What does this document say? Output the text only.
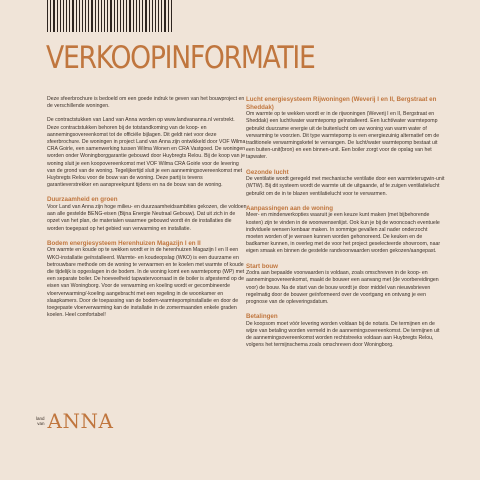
VERKOOPINFORMATIE

Deze sfeerbrochure is bedoeld om een goede indruk te geven van het bouwproject en de verschillende woningen.

De contractstukken van Land van Anna worden op www.landvananna.nl verstrekt. Deze contractstukken behoren bij de totstandkoming van de koop- en aannemingsovereenkomst tot de officiële bijlagen. Dit geldt niet voor deze sfeerbrochure. De woningen in project Land van Anna zijn ontwikkeld door VOF Wilma CRA Goirle, een samenwerking tussen Wilma Wonen en CRA Vastgoed. De woningen worden onder Woningborggarantie gebouwd door Huybregts Relou. Bij de koop van je woning sluit je een koopovereenkomst met VOF Wilma CRA Goirle voor de levering van de grond van de woning. Tegelijkertijd sluit je een aannemingsovereenkomst met Huybregts Relou voor de bouw van de woning. Deze partij is tevens garantieverstrekker en aanspreekpunt tijdens en na de bouw van de woning.

Duurzaamheid en groen

Voor Land van Anna zijn hoge milieu- en duurzaamheidsambities gekozen, die voldoen aan alle gestelde BENG-eisen (Bijna Energie Neutraal Gebouw). Dat uit zich in de opzet van het plan, de materialen waarmee gebouwd wordt én de installaties die worden toegepast op het gebied van verwarming en installatie.

Bodem energiesysteem Herenhuizen Magazijn I en II

Om warmte en koude op te wekken wordt er in de herenhuizen Magazijn I en II een WKO-installatie geïnstalleerd. Warmte- en koudeopslag (WKO) is een duurzame en betrouwbare methode om de woning te verwarmen en te koelen met warmte of koude die tijdelijk is opgeslagen in de bodem. In de woning komt een warmtepomp (WP) met een separate boiler. De hoeveelheid tapwatervoorraad in de boiler is afgestemd op de eisen van Woningborg. Voor de verwarming en koeling wordt er gecombineerde vloerverwarming/-koeling aangebracht met een regeling in de woonkamer en slaapkamers. Door de toepassing van de bodem-warmtepompinstallatie en door de toegepaste vloerverwarming kan de installatie in de zomermaanden enkele graden koelen. Heel comfortabel!

Lucht energiesysteem Rijwoningen (Weverij I en II, Bergstraat en Sheddak)

Om warmte op te wekken wordt er in de rijwoningen (Weverij I en II, Bergstraat en Sheddak) een lucht/water warmtepomp geïnstalleerd. Een lucht/water warmtepomp gebruikt duurzame energie uit de buitenlucht om uw woning van warm water of verwarming te voorzien. Dit type warmtepomp is een energiezuinig alternatief om de traditionele verwarmingsketel te vervangen. De lucht/water warmtepomp bestaat uit een buiten-unit(bron) en een binnen-unit. Een boiler zorgt voor de opslag van het tapwater.

Gezonde lucht

De ventilatie wordt geregeld met mechanische ventilatie door een warmteterugwin-unit (WTW). Bij dit systeem wordt de warmte uit de uitgaande, af te zuigen ventilatielucht gebruikt om de in te blazen ventilatielucht voor te verwarmen.

Aanpassingen aan de woning

Meer- en minderwerkopties waaruit je een keuze kunt maken (met bijbehorende kosten) zijn te vinden in de woonwensenlijst. Ook kun je bij de wooncoach eventuele individuele wensen kenbaar maken. In sommige gevallen zal nader onderzocht moeten worden of je wensen kunnen worden gehonoreerd. De keuken en de badkamer kunnen, in overleg met de voor het project geselecteerde showroom, naar eigen smaak en binnen de gestelde randvoorwaarden worden gekozen/aangepast.

Start bouw

Zodra aan bepaalde voorwaarden is voldaan, zoals omschreven in de koop- en aannemingsovereenkomst, maakt de bouwer een aanvang met (de voorbereidingen voor) de bouw. Na de start van de bouw wordt je door middel van nieuwsbrieven regelmatig door de bouwer geïnformeerd over de voortgang en ontvang je een prognose van de opleveringsdatum.

Betalingen

De koopsom moet vóór levering worden voldaan bij de notaris. De termijnen en de wijze van betaling worden vermeld in de aannemingsovereenkomst. De termijnen uit de aannemingsovereenkomst worden rechtstreeks voldaan aan Huybregts Relou, volgens het termijnschema zoals omschreven door Woningborg.

land
van ANNA
